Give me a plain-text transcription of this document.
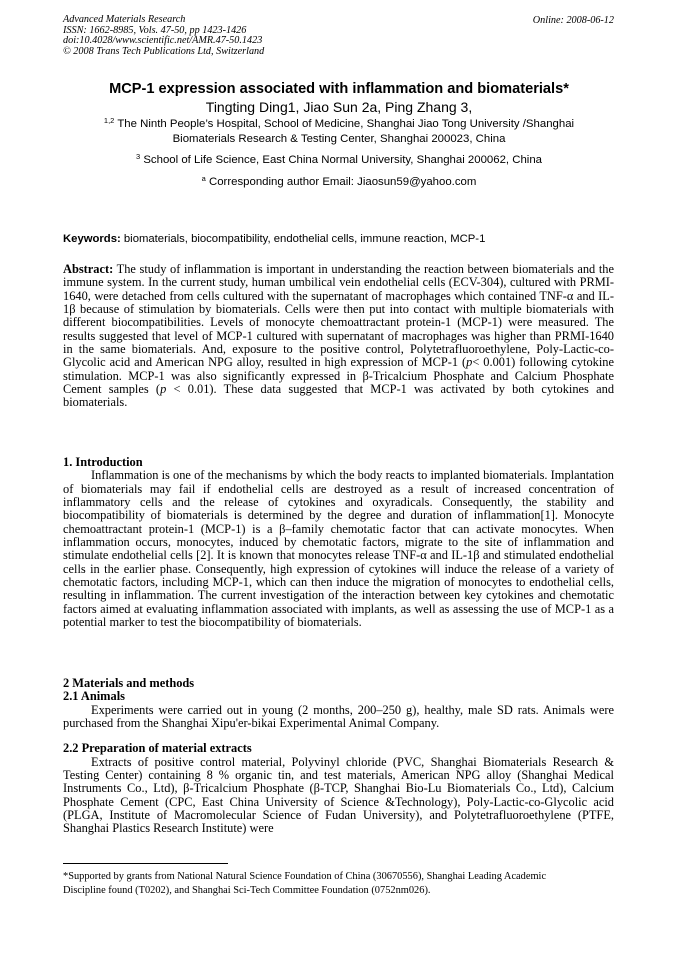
Advanced Materials Research
ISSN: 1662-8985, Vols. 47-50, pp 1423-1426
doi:10.4028/www.scientific.net/AMR.47-50.1423
© 2008 Trans Tech Publications Ltd, Switzerland
Online: 2008-06-12
MCP-1 expression associated with inflammation and biomaterials*
Tingting Ding1, Jiao Sun 2a, Ping Zhang 3,
$^{1,2}$ The Ninth People’s Hospital, School of Medicine, Shanghai Jiao Tong University /Shanghai
Biomaterials Research & Testing Center, Shanghai 200023, China
$^3$ School of Life Science, East China Normal University, Shanghai 200062, China
$^a$ Corresponding author Email: Jiaosun59@yahoo.com
Keywords: biomaterials, biocompatibility, endothelial cells, immune reaction, MCP-1
Abstract: The study of inflammation is important in understanding the reaction between biomaterials and the immune system. In the current study, human umbilical vein endothelial cells (ECV-304), cultured with PRMI-1640, were detached from cells cultured with the supernatant of macrophages which contained TNF-α and IL-1β because of stimulation by biomaterials. Cells were then put into contact with multiple biomaterials with different biocompatibilities. Levels of monocyte chemoattractant protein-1 (MCP-1) were measured. The results suggested that level of MCP-1 cultured with supernatant of macrophages was higher than PRMI-1640 in the same biomaterials. And, exposure to the positive control, Polytetrafluoroethylene, Poly-Lactic-co-Glycolic acid and American NPG alloy, resulted in high expression of MCP-1 (p< 0.001) following cytokine stimulation. MCP-1 was also significantly expressed in β-Tricalcium Phosphate and Calcium Phosphate Cement samples (p < 0.01). These data suggested that MCP-1 was activated by both cytokines and biomaterials.
1. Introduction
Inflammation is one of the mechanisms by which the body reacts to implanted biomaterials. Implantation of biomaterials may fail if endothelial cells are destroyed as a result of increased concentration of inflammatory cells and the release of cytokines and oxyradicals. Consequently, the stability and biocompatibility of biomaterials is determined by the degree and duration of inflammation[1]. Monocyte chemoattractant protein-1 (MCP-1) is a β–family chemotatic factor that can activate monocytes. When inflammation occurs, monocytes, induced by chemotatic factors, migrate to the site of inflammation and stimulate endothelial cells [2]. It is known that monocytes release TNF-α and IL-1β and stimulated endothelial cells in the earlier phase. Consequently, high expression of cytokines will induce the release of a variety of chemotatic factors, including MCP-1, which can then induce the migration of monocytes to endothelial cells, resulting in inflammation. The current investigation of the interaction between key cytokines and chemotatic factors aimed at evaluating inflammation associated with implants, as well as assessing the use of MCP-1 as a potential marker to test the biocompatibility of biomaterials.
2 Materials and methods
2.1 Animals
Experiments were carried out in young (2 months, 200–250 g), healthy, male SD rats. Animals were purchased from the Shanghai Xipu'er-bikai Experimental Animal Company.
2.2 Preparation of material extracts
Extracts of positive control material, Polyvinyl chloride (PVC, Shanghai Biomaterials Research & Testing Center) containing 8 % organic tin, and test materials, American NPG alloy (Shanghai Medical Instruments Co., Ltd), β-Tricalcium Phosphate (β-TCP, Shanghai Bio-Lu Biomaterials Co., Ltd), Calcium Phosphate Cement (CPC, East China University of Science &Technology), Poly-Lactic-co-Glycolic acid (PLGA, Institute of Macromolecular Science of Fudan University), and Polytetrafluoroethylene (PTFE, Shanghai Plastics Research Institute) were
*Supported by grants from National Natural Science Foundation of China (30670556), Shanghai Leading Academic Discipline found (T0202), and Shanghai Sci-Tech Committee Foundation (0752nm026).
